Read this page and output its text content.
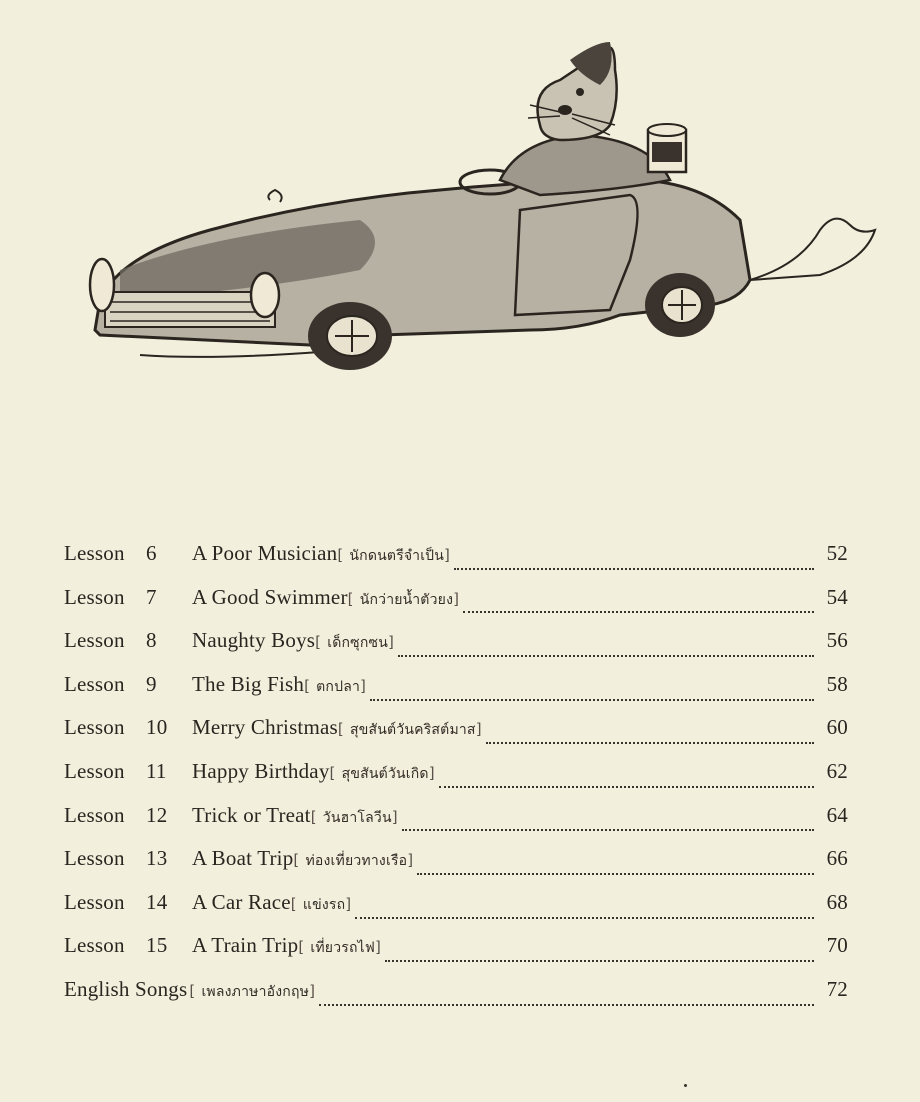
Lesson	6	A Poor Musician [ นักดนตรีจำเป็น ]	52
Lesson	7	A Good Swimmer [ นักว่ายน้ำตัวยง ]	54
Lesson	8	Naughty Boys [ เด็กซุกซน ]	56
Lesson	9	The Big Fish [ ตกปลา ]	58
Lesson	10	Merry Christmas [ สุขสันต์วันคริสต์มาส ]	60
Lesson	11	Happy Birthday [ สุขสันต์วันเกิด ]	62
Lesson	12	Trick or Treat [ วันฮาโลวีน ]	64
Lesson	13	A Boat Trip [ ท่องเที่ยวทางเรือ ]	66
Lesson	14	A Car Race [ แข่งรถ ]	68
Lesson	15	A Train Trip [ เที่ยวรถไฟ ]	70
English Songs [ เพลงภาษาอังกฤษ ]	72
